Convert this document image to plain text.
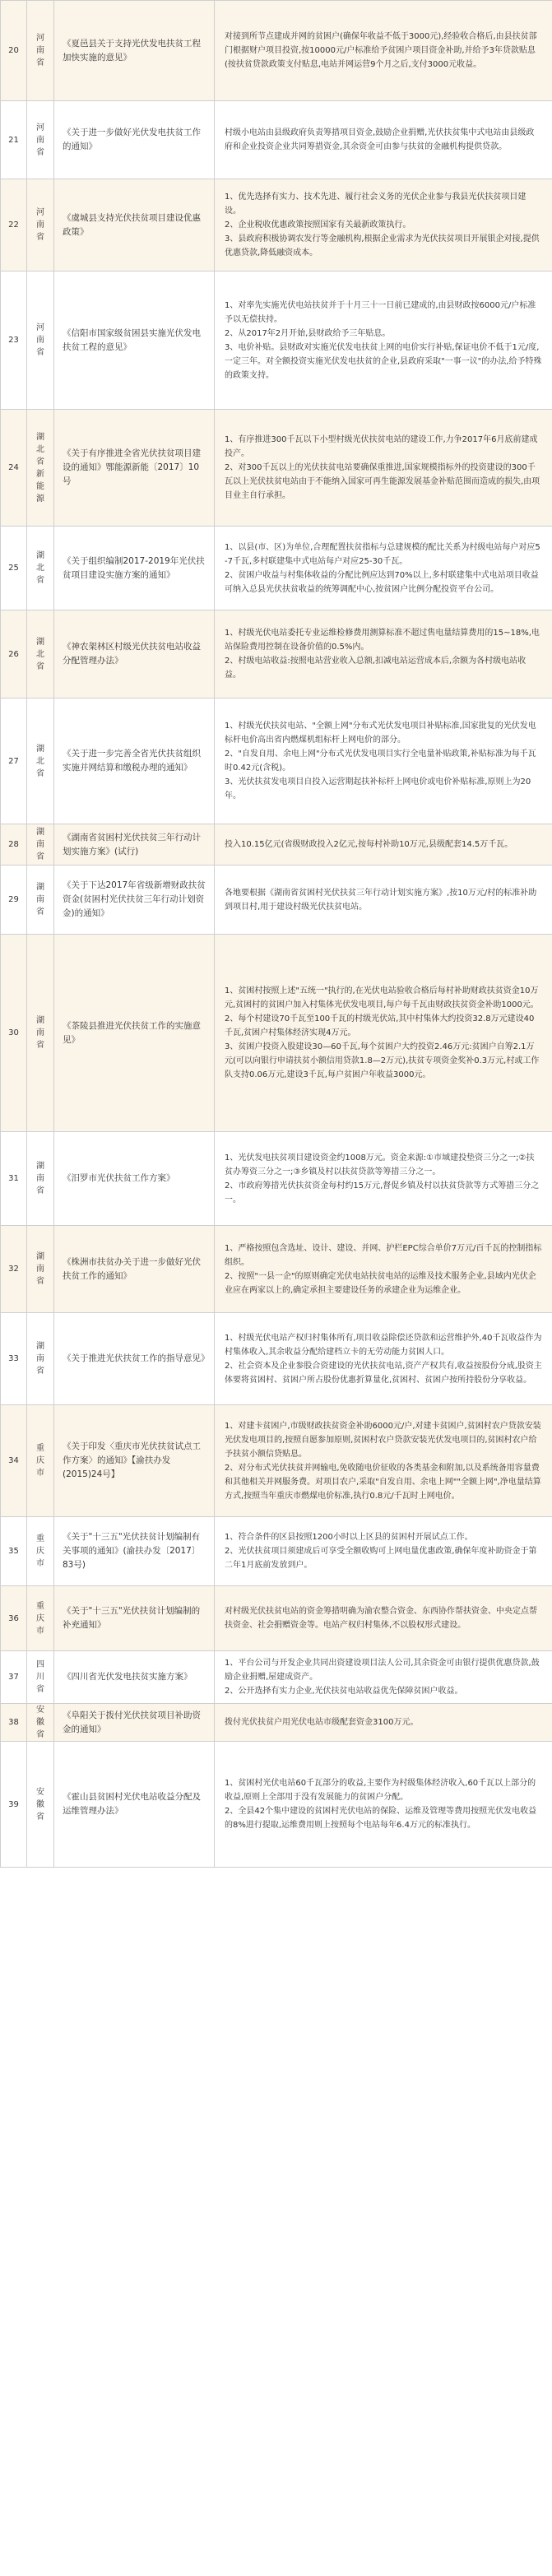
20	河南省	《夏邑县关于支持光伏发电扶贫工程加快实施的意见》	对接到所节点建成并网的贫困户(确保年收益不低于3000元),经验收合格后,由县扶贫部门根据财户项目投资,按10000元/户标准给予贫困户项目资金补助,并给予3年贷款贴息(按扶贫贷款政策支付贴息,电站并网运营9个月之后,支付3000元收益。

21	河南省	《关于进一步做好光伏发电扶贫工作的通知》	村级小电站由县级政府负责筹措项目资金,鼓励企业捐赠,光伏扶贫集中式电站由县级政府和企业投资企业共同筹措资金,其余资金可由参与扶贫的金融机构提供贷款。

22	河南省	《虞城县支持光伏扶贫项目建设优惠政策》	1、优先选择有实力、技术先进、履行社会义务的光伏企业参与我县光伏扶贫项目建设。

2、企业税收优惠政策按照国家有关最新政策执行。

3、县政府积极协调农发行等金融机构,根据企业需求为光伏扶贫项目开展银企对接,提供优惠贷款,降低融资成本。

23	河南省	《信阳市国家级贫困县实施光伏发电扶贫工程的意见》	1、对率先实施光伏电站扶贫并于十月三十一日前已建成的,由县财政按6000元/户标准予以无偿扶持。

2、从2017年2月开始,县财政给予三年贴息。

3、电价补贴。县财政对实施光伏发电扶贫上网的电价实行补贴,保证电价不低于1元/度,一定三年。对全额投资实施光伏发电扶贫的企业,县政府采取"一事一议"的办法,给予特殊的政策支持。

24	湖北省新能源	《关于有序推进全省光伏扶贫项目建设的通知》鄂能源新能〔2017〕10号	1、有序推进300千瓦以下小型村级光伏扶贫电站的建设工作,力争2017年6月底前建成投产。

2、对300千瓦以上的光伏扶贫电站要确保重推进,国家规模指标外的投资建设的300千瓦以上光伏扶贫电站由于不能纳入国家可再生能源发展基金补贴范围而造成的损失,由项目业主自行承担。

25	湖北省	《关于组织编制2017-2019年光伏扶贫项目建设实施方案的通知》	1、以县(市、区)为单位,合理配置扶贫指标与总建规模的配比关系为村级电站每户对应5-7千瓦,多村联建集中式电站每户对应25-30千瓦。

2、贫困户收益与村集体收益的分配比例应达到70%以上,多村联建集中式电站项目收益可纳入总县光伏扶贫收益的统筹调配中心,按贫困户比例分配投资平台公司。

26	湖北省	《神农架林区村级光伏扶贫电站收益分配管理办法》	1、村级光伏电站委托专业运维检修费用测算标准不超过售电量结算费用的15~18%,电站保险费用控制在设备价值的0.5%内。

2、村级电站收益:按照电站营业收入总额,扣减电站运营成本后,余额为各村级电站收益。

27	湖北省	《关于进一步完善全省光伏扶贫组织实施并网结算和缴税办理的通知》	1、村级光伏扶贫电站、"全额上网"分布式光伏发电项目补贴标准,国家批复的光伏发电标杆电价高出省内燃煤机组标杆上网电价的部分。

2、"自发自用、余电上网"分布式光伏发电项目实行全电量补贴政策,补贴标准为每千瓦时0.42元(含税)。

3、光伏扶贫发电项目自投入运营期起扶补标杆上网电价或电价补贴标准,原则上为20年。

28	湖南省	《湖南省贫困村光伏扶贫三年行动计划实施方案》(试行)	投入10.15亿元(省级财政投入2亿元,按每村补助10万元,县级配套14.5万千瓦。

29	湖南省	《关于下达2017年省级新增财政扶贫资金(贫困村光伏扶贫三年行动计划资金)的通知》	各地要根据《湖南省贫困村光伏扶贫三年行动计划实施方案》,按10万元/村的标准补助到项目村,用于建设村级光伏扶贫电站。

30	湖南省	《茶陵县推进光伏扶贫工作的实施意见》	1、贫困村按照上述"五统一"执行的,在光伏电站验收合格后每村补助财政扶贫资金10万元,贫困村的贫困户加入村集体光伏发电项目,每户每千瓦由财政扶贫资金补助1000元。

2、每个村建设70千瓦至100千瓦的村级光伏站,其中村集体大约投资32.8万元建设40千瓦,贫困户村集体经济实现4万元。

3、贫困户投资入股建设30—60千瓦,每个贫困户大约投资2.46万元:贫困户自筹2.1万元(可以向银行申请扶贫小额信用贷款1.8—2万元),扶贫专项资金奖补0.3万元,村或工作队支持0.06万元,建设3千瓦,每户贫困户年收益3000元。

31	湖南省	《汨罗市光伏扶贫工作方案》	1、光伏发电扶贫项目建设资金约1008万元。资金来源:①市域建投垫资三分之一;②扶贫办筹资三分之一;③乡镇及村以扶贫贷款等筹措三分之一。

2、市政府筹措光伏扶贫资金每村约15万元,督促乡镇及村以扶贫贷款等方式筹措三分之一。

32	湖南省	《株洲市扶贫办关于进一步做好光伏扶贫工作的通知》	1、严格按照包含选址、设计、建设、并网、护栏EPC综合单价7万元/百千瓦的控制指标组织。

2、按照"一县一企"的原则确定光伏电站扶贫电站的运维及技术服务企业,县域内光伏企业应在两家以上的,确定承担主要建设任务的承建企业为运维企业。

33	湖南省	《关于推进光伏扶贫工作的指导意见》	1、村级光伏电站产权归村集体所有,项目收益除偿还贷款和运营维护外,40千瓦收益作为村集体收入,其余收益分配给建档立卡的无劳动能力贫困人口。

2、社会资本及企业参股合资建设的光伏扶贫电站,资产产权共有,收益按股份分成,股资主体要将贫困村、贫困户所占股份优惠折算量化,贫困村、贫困户按所持股份分享收益。

34	重庆市	《关于印发〈重庆市光伏扶贫试点工作方案〉的通知》【渝扶办发(2015)24号】	1、对建卡贫困户,市级财政扶贫资金补助6000元/户,对建卡贫困户,贫困村农户贷款安装光伏发电项目的,按照自愿参加原则,贫困村农户贷款安装光伏发电项目的,贫困村农户给予扶贫小额信贷贴息。

2、对分布式光伏扶贫并网输电,免收随电价征收的各类基金和附加,以及系统备用容量费和其他相关并网服务费。对项目农户,采取"自发自用、余电上网""全额上网",净电量结算方式,按照当年重庆市燃煤电价标准,执行0.8元/千瓦时上网电价。

35	重庆市	《关于"十三五"光伏扶贫计划编制有关事项的通知》(渝扶办发〔2017〕83号)	1、符合条件的区县按照1200小时以上区县的贫困村开展试点工作。

2、光伏扶贫项目须建成后可享受全额收购可上网电量优惠政策,确保年度补助资金于第二年1月底前发放到户。

36	重庆市	《关于"十三五"光伏扶贫计划编制的补充通知》	对村级光伏扶贫电站的资金筹措明确为渝农整合资金、东西协作帮扶资金、中央定点帮扶资金、社会捐赠资金等。电站产权归村集体,不以股权形式建设。

37	四川省	《四川省光伏发电扶贫实施方案》	1、平台公司与开发企业共同出资建设项目法人公司,其余资金可由银行提供优惠贷款,鼓励企业捐赠,屋建成资产。

2、公开选择有实力企业,光伏扶贫电站收益优先保障贫困户收益。

38	安徽省	《阜阳关于拨付光伏扶贫项目补助资金的通知》	拨付光伏扶贫户用光伏电站市级配套资金3100万元。

39	安徽省	《霍山县贫困村光伏电站收益分配及运维管理办法》	1、贫困村光伏电站60千瓦部分的收益,主要作为村级集体经济收入,60千瓦以上部分的收益,原则上全部用于没有发展能力的贫困户分配。

2、全县42个集中建设的贫困村光伏电站的保险、运维及管理等费用按照光伏发电收益的8%进行提取,运维费用则上按照每个电站每年6.4万元的标准执行。
